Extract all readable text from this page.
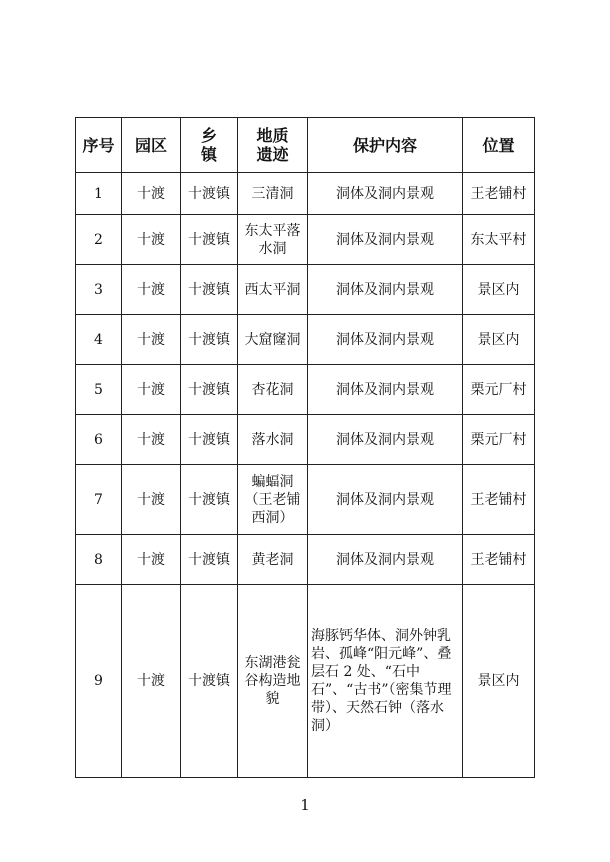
序号	园区	乡镇	地质遗迹	保护内容	位置
1	十渡	十渡镇	三清洞	洞体及洞内景观	王老铺村
2	十渡	十渡镇	东太平落水洞	洞体及洞内景观	东太平村
3	十渡	十渡镇	西太平洞	洞体及洞内景观	景区内
4	十渡	十渡镇	大窟窿洞	洞体及洞内景观	景区内
5	十渡	十渡镇	杏花洞	洞体及洞内景观	栗元厂村
6	十渡	十渡镇	落水洞	洞体及洞内景观	栗元厂村
7	十渡	十渡镇	蝙蝠洞（王老铺西洞）	洞体及洞内景观	王老铺村
8	十渡	十渡镇	黄老洞	洞体及洞内景观	王老铺村
9	十渡	十渡镇	东湖港瓮谷构造地貌	海豚钙华体、洞外钟乳岩、孤峰“阳元峰”、叠层石 2 处、“石中石”、“古书”（密集节理带）、天然石钟（落水洞）	景区内
1
